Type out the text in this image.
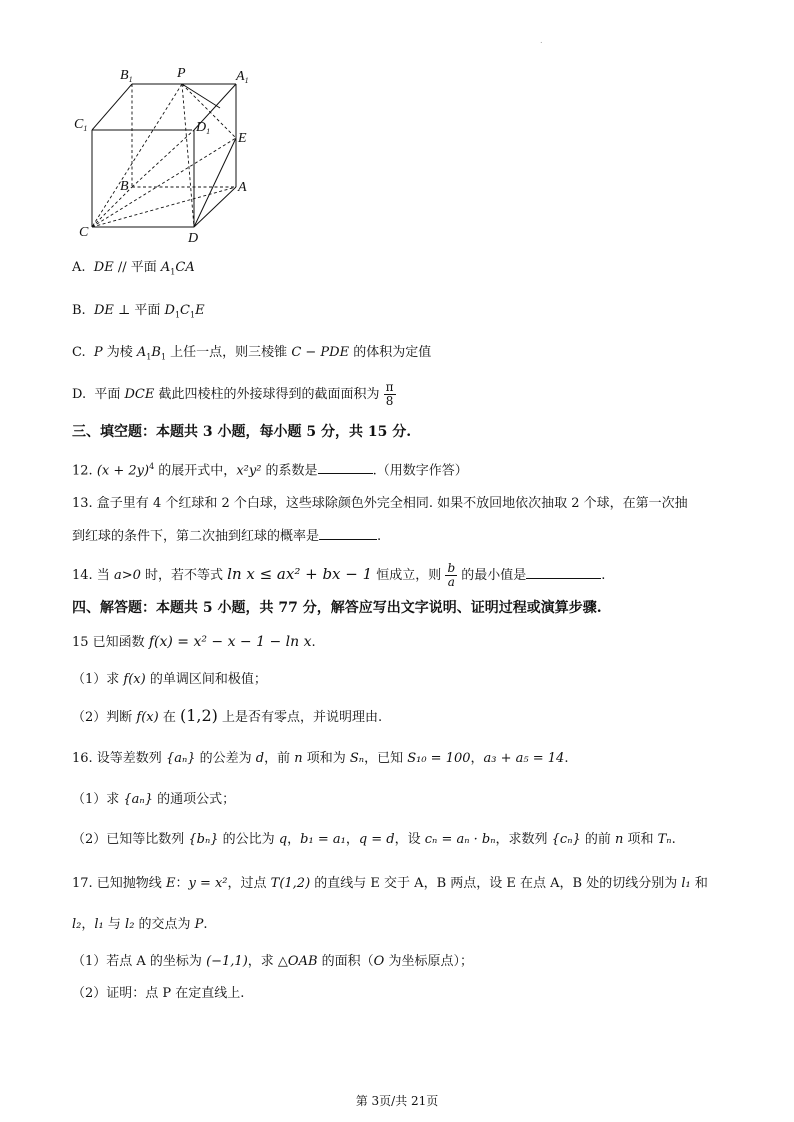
.
$B_1$	P	$A_1$
$C_1$	$D_1$ E
B	A
C	D
A. DE // 平面 $A_1CA$
B. DE ⊥ 平面 $D_1C_1E$
C. P 为棱 $A_1B_1$ 上任一点，则三棱锥 C − PDE 的体积为定值
D. 平面 DCE 截此四棱柱的外接球得到的截面面积为 $\frac{\pi}{8}$
三、填空题：本题共 3 小题，每小题 5 分，共 15 分.
12. $(x + 2y)^4$ 的展开式中，x²y² 的系数是	.（用数字作答）
13. 盒子里有 4 个红球和 2 个白球，这些球除颜色外完全相同. 如果不放回地依次抽取 2 个球，在第一次抽
到红球的条件下，第二次抽到红球的概率是	.
14. 当 a>0 时，若不等式 ln x ≤ ax² + bx − 1 恒成立，则 $\frac{b}{a}$ 的最小值是	.
四、解答题：本题共 5 小题，共 77 分，解答应写出文字说明、证明过程或演算步骤.
15 已知函数 f(x) = x² − x − 1 − ln x.
（1）求 f(x) 的单调区间和极值；
（2）判断 f(x) 在 (1,2) 上是否有零点，并说明理由.
16. 设等差数列 {aₙ} 的公差为 d，前 n 项和为 Sₙ，已知 S₁₀ = 100，a₃ + a₅ = 14.
（1）求 {aₙ} 的通项公式；
（2）已知等比数列 {bₙ} 的公比为 q，b₁ = a₁，q = d，设 cₙ = aₙ · bₙ，求数列 {cₙ} 的前 n 项和 Tₙ.
17. 已知抛物线 E：y = x²，过点 T(1,2) 的直线与 E 交于 A，B 两点，设 E 在点 A，B 处的切线分别为 l₁ 和
l₂，l₁ 与 l₂ 的交点为 P.
（1）若点 A 的坐标为 (−1,1)，求 △OAB 的面积（O 为坐标原点）；
（2）证明：点 P 在定直线上.
第 3页/共 21页
